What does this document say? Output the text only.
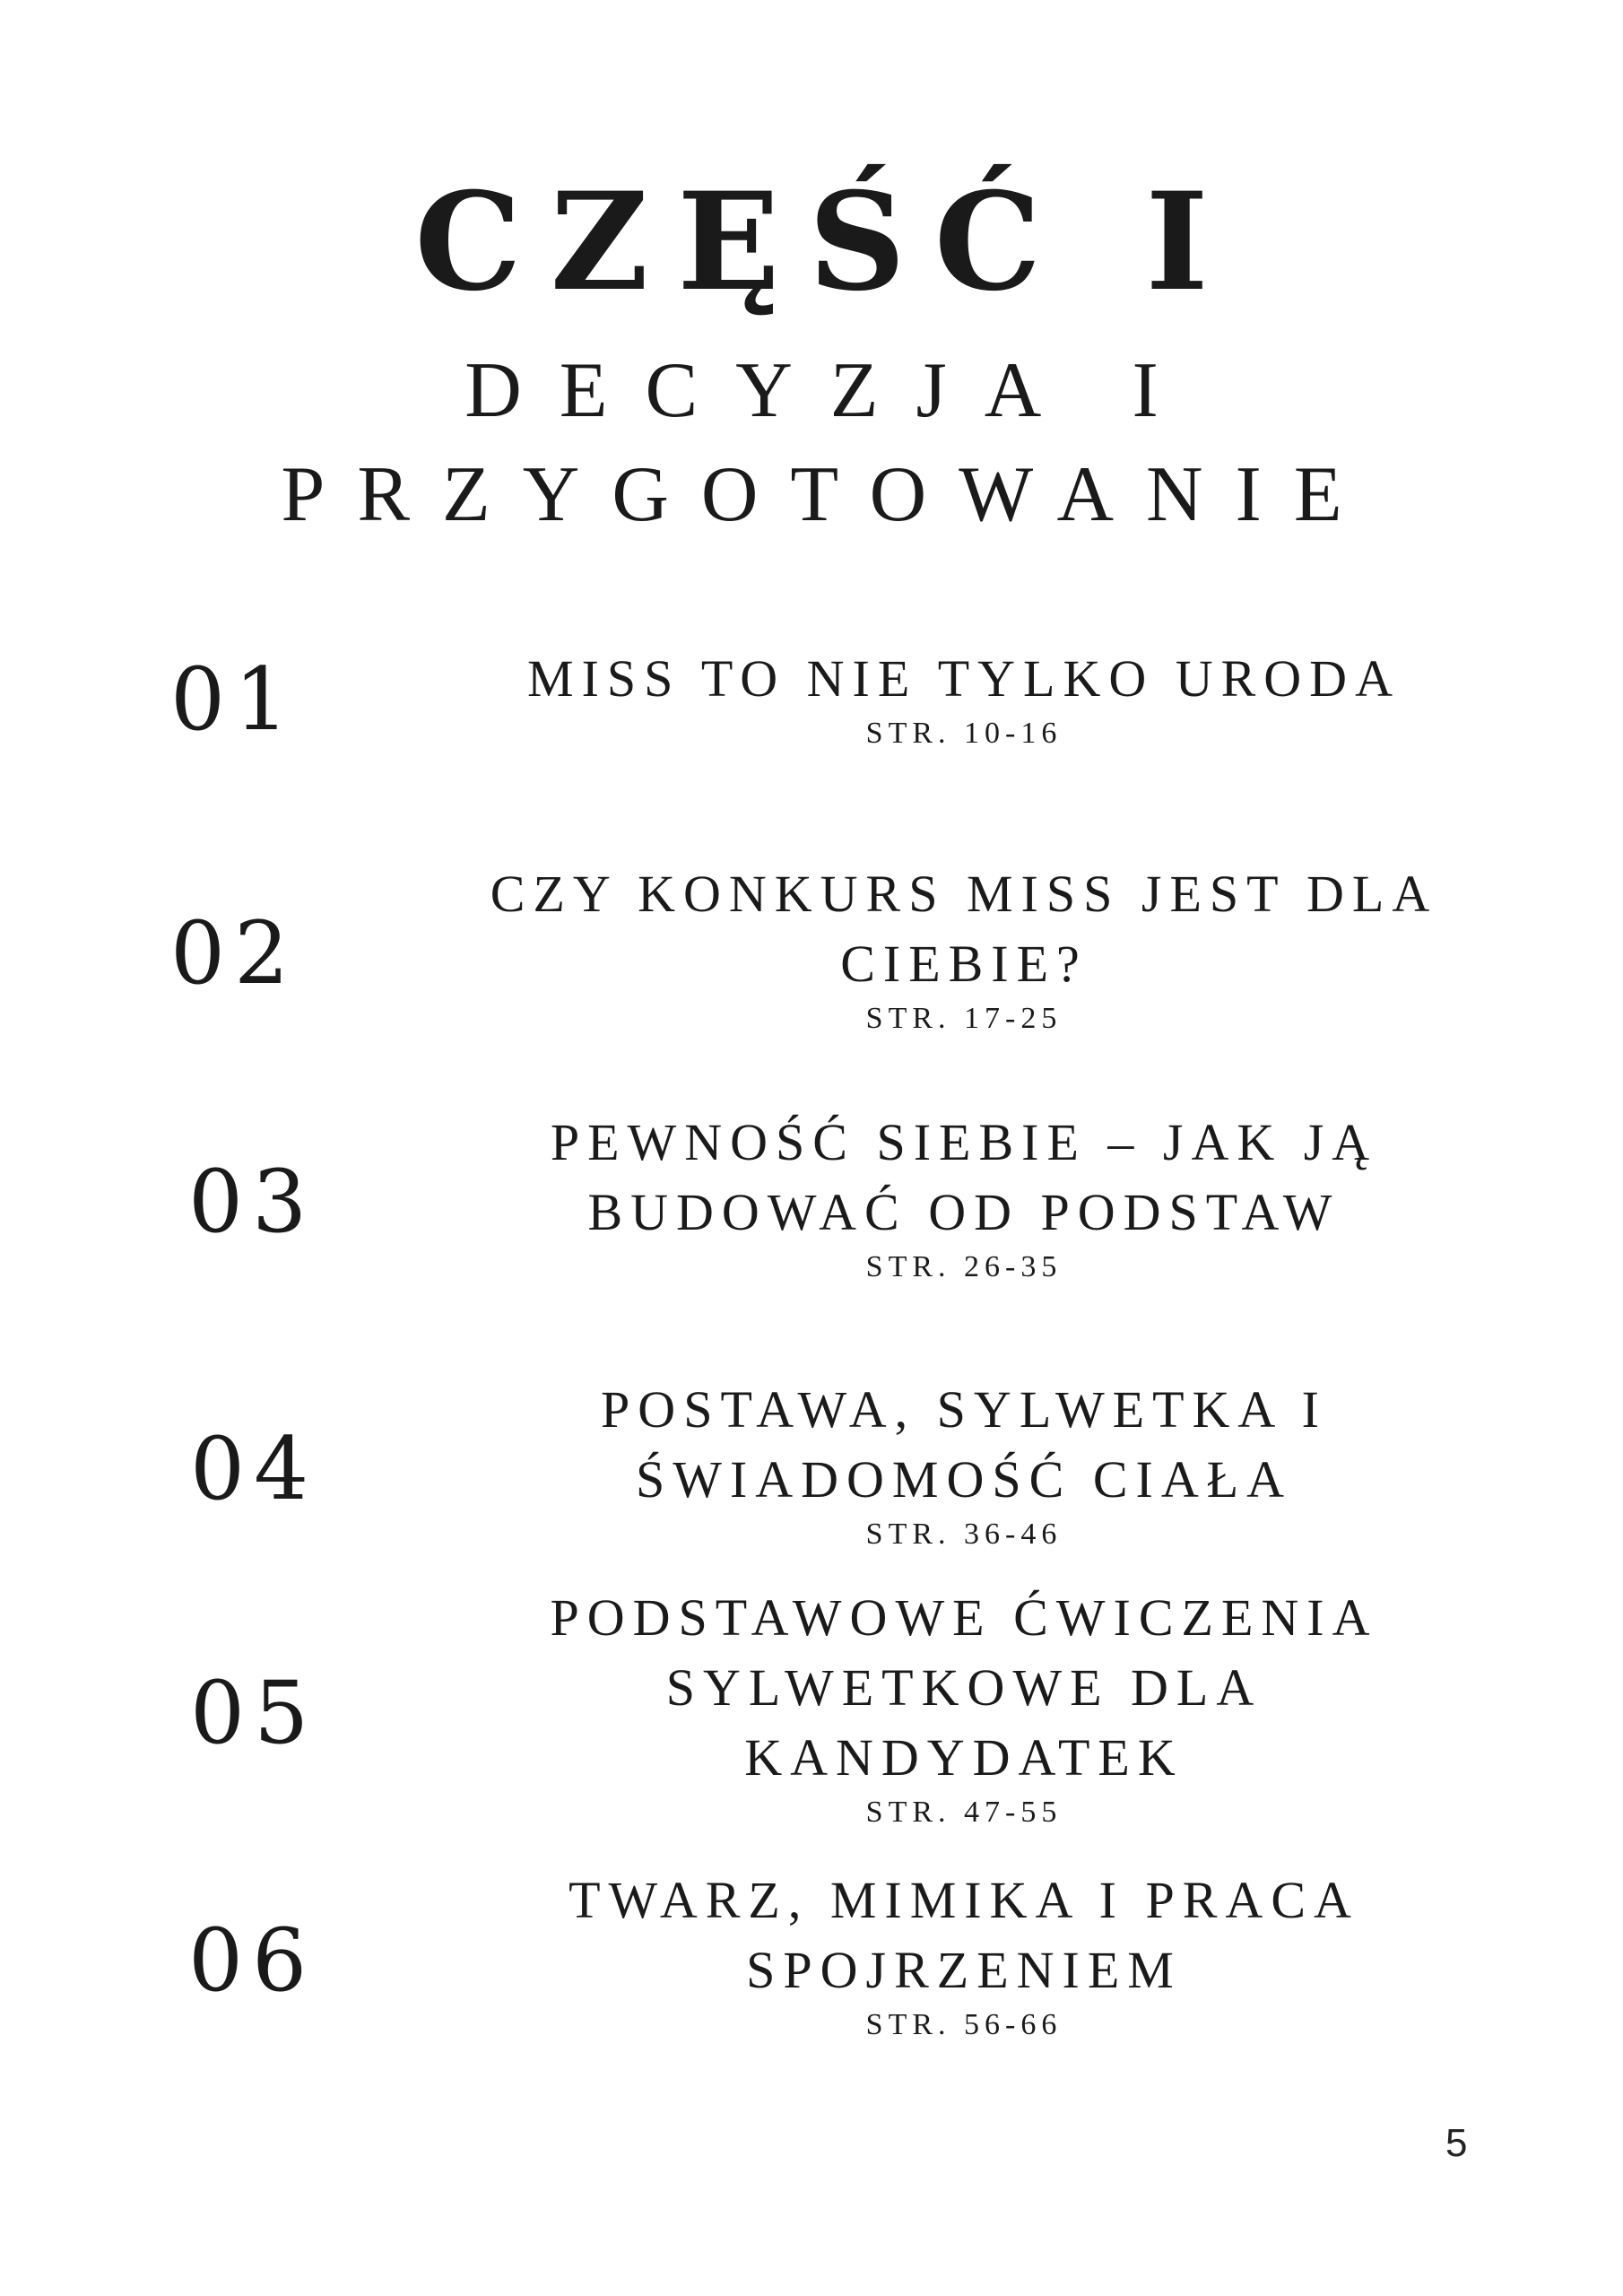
CZĘŚĆ I
DECYZJA I
PRZYGOTOWANIE
01	MISS TO NIE TYLKO URODA
STR. 10-16
02
CZY KONKURS MISS JEST DLA
CIEBIE?
STR. 17-25
03
PEWNOŚĆ SIEBIE – JAK JĄ
BUDOWAĆ OD PODSTAW
STR. 26-35
04
POSTAWA, SYLWETKA I
ŚWIADOMOŚĆ CIAŁA
STR. 36-46
05
PODSTAWOWE ĆWICZENIA
SYLWETKOWE DLA
KANDYDATEK
STR. 47-55
06
TWARZ, MIMIKA I PRACA
SPOJRZENIEM
STR. 56-66
5
